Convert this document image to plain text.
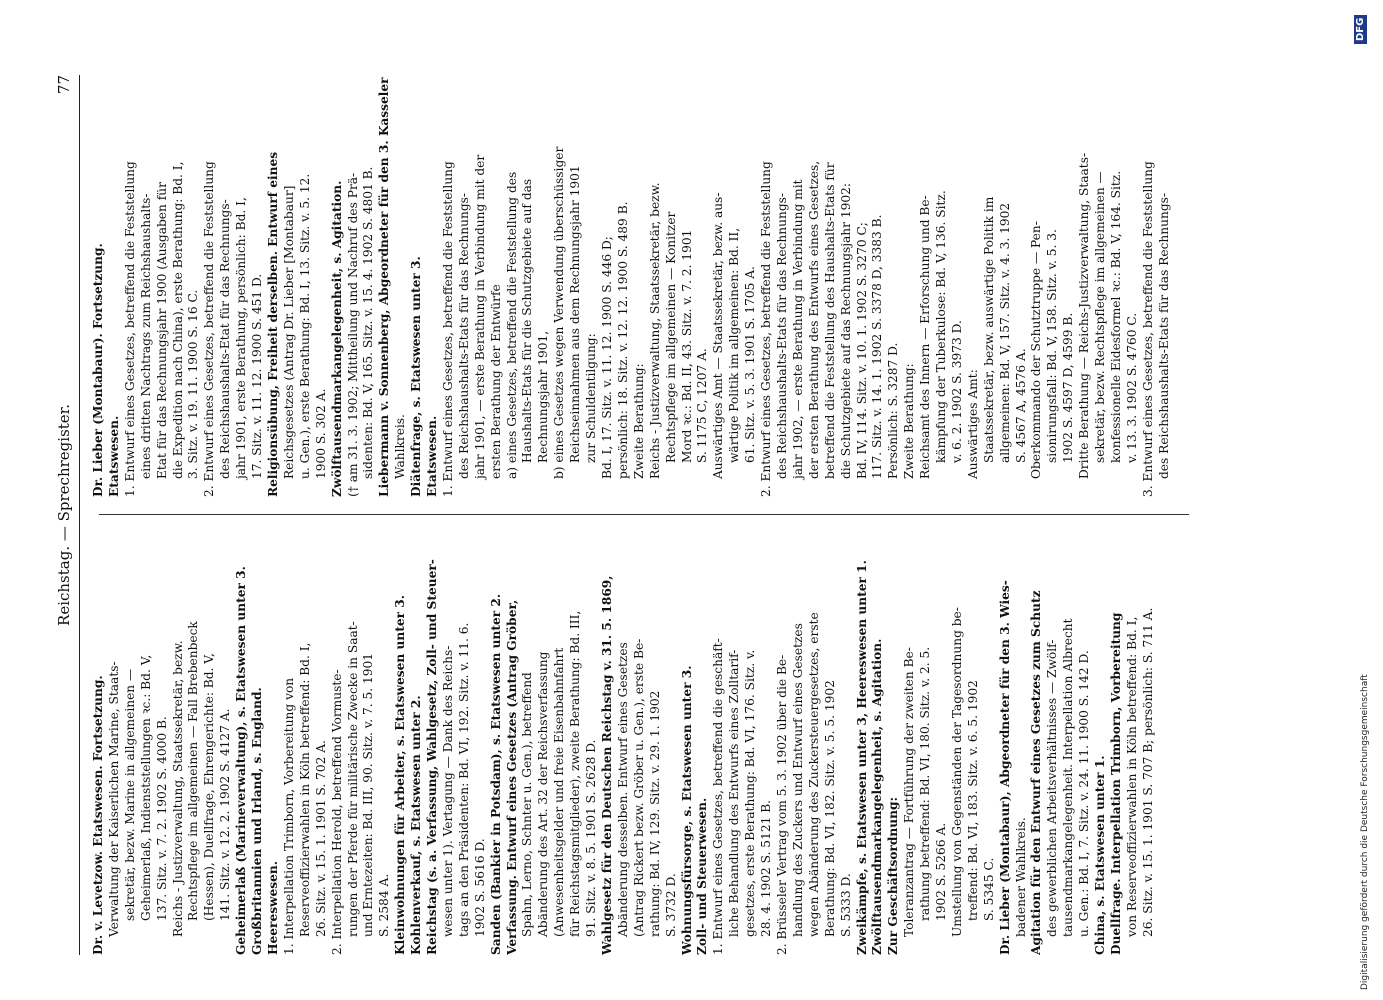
Reichstag. — Sprechregister.
77
Dr. v. Levetzow. Etatswesen. Fortsetzung. Verwaltung der Kaiserlichen Marine, Staats- sekretär, bezw. Marine in allgemeinen — Geheimerlaß, Indienststellungen ꝛc.: Bd. V, 137. Sitz. v. 7. 2. 1902 S. 4000 B. Reichs - Justizverwaltung, Staatssekretär, bezw. Rechtspflege im allgemeinen — Fall Brebenbeck (Hessen), Duellfrage, Ehrengerichte: Bd. V, 141. Sitz. v. 12. 2. 1902 S. 4127 A. Geheimerlaß (Marineverwaltung), s. Etatswesen unter 3. Großbritannien und Irland, s. England. Heereswesen. 1. Interpellation Trimborn, Vorbereitung von Reserveoffizierwahlen in Köln betreffend: Bd. I, 26. Sitz. v. 15. 1. 1901 S. 702 A. 2. Interpellation Herold, betreffend Vormuste- rungen der Pferde für militärische Zwecke in Saat- und Erntezeiten: Bd. III, 90. Sitz. v. 7. 5. 1901 S. 2584 A. Kleinwohnungen für Arbeiter, s. Etatswesen unter 3. Kohlenverkauf, s. Etatswesen unter 2. Reichstag (s. a. Verfassung, Wahlgesetz, Zoll- und Steuer- wesen unter 1). Vertagung — Dank des Reichs- tags an den Präsidenten: Bd. VI, 192. Sitz. v. 11. 6. 1902 S. 5616 D. Sanden (Bankier in Potsdam), s. Etatswesen unter 2. Verfassung. Entwurf eines Gesetzes (Antrag Gröber, Spahn, Lerno, Schnter u. Gen.), betreffend Abänderung des Art. 32 der Reichsverfassung (Anwesenheitsgelder und freie Eisenbahnfahrt für Reichstagsmitglieder), zweite Berathung: Bd. III, 91. Sitz. v. 8. 5. 1901 S. 2628 D. Wahlgesetz für den Deutschen Reichstag v. 31. 5. 1869, Abänderung desselben. Entwurf eines Gesetzes (Antrag Rickert bezw. Gröber u. Gen.), erste Be- rathung: Bd. IV, 129. Sitz. v. 29. 1. 1902 S. 3732 D. Wohnungsfürsorge, s. Etatswesen unter 3. Zoll- und Steuerwesen. 1. Entwurf eines Gesetzes, betreffend die geschäft- liche Behandlung des Entwurfs eines Zolltarif- gesetzes, erste Berathung: Bd. VI, 176. Sitz. v. 28. 4. 1902 S. 5121 B. 2. Brüsseler Vertrag vom 5. 3. 1902 über die Be- handlung des Zuckers und Entwurf eines Gesetzes wegen Abänderung des Zuckersteuergesetzes, erste Berathung: Bd. VI, 182. Sitz. v. 5. 5. 1902 S. 5333 D. Zweikämpfe, s. Etatswesen unter 3, Heereswesen unter 1. Zwölftausendmarkangelegenheit, s. Agitation. Zur Geschäftsordnung: Toleranzantrag — Fortführung der zweiten Be- rathung betreffend: Bd. VI, 180. Sitz. v. 2. 5. 1902 S. 5266 A. Umstellung von Gegenständen der Tagesordnung be- treffend: Bd. VI, 183. Sitz. v. 6. 5. 1902 S. 5345 C. Dr. Lieber (Montabaur), Abgeordneter für den 3. Wies- badener Wahlkreis. Agitation für den Entwurf eines Gesetzes zum Schutz des gewerblichen Arbeitsverhältnisses — Zwölf- tausendmarkangelegenheit. Interpellation Albrecht u. Gen.: Bd. I, 7. Sitz. v. 24. 11. 1900 S. 142 D. China, s. Etatswesen unter 1. Duellfrage. Interpellation Trimborn, Vorbereitung von Reserveoffizierwahlen in Köln betreffend: Bd. I, 26. Sitz. v. 15. 1. 1901 S. 707 B; persönlich: S. 711 A.
Dr. Lieber (Montabaur). Fortsetzung. Etatswesen. 1. Entwurf eines Gesetzes, betreffend die Feststellung eines dritten Nachtrags zum Reichshaushalts- Etat für das Rechnungsjahr 1900 (Ausgaben für die Expedition nach China), erste Berathung: Bd. I, 3. Sitz. v. 19. 11. 1900 S. 16 C. 2. Entwurf eines Gesetzes, betreffend die Feststellung des Reichshaushalts-Etat für das Rechnungs- jahr 1901, erste Berathung, persönlich: Bd. I, 17. Sitz. v. 11. 12. 1900 S. 451 D. Religionsübung, Freiheit derselben. Entwurf eines Reichsgesetzes (Antrag Dr. Lieber [Montabaur] u. Gen.), erste Berathung: Bd. I, 13. Sitz. v. 5. 12. 1900 S. 302 A. Zwölftausendmarkangelegenheit, s. Agitation. († am 31. 3. 1902; Mittheilung und Nachruf des Prä- sidenten: Bd. V, 165. Sitz. v. 15. 4. 1902 S. 4801 B. Liebermann v. Sonnenberg, Abgeordneter für den 3. Kasseler Wahlkreis. Diätenfrage, s. Etatswesen unter 3. Etatswesen. 1. Entwurf eines Gesetzes, betreffend die Feststellung des Reichshaushalts-Etats für das Rechnungs- jahr 1901, — erste Berathung in Verbindung mit der ersten Berathung der Entwürfe a) eines Gesetzes, betreffend die Feststellung des Haushalts-Etats für die Schutzgebiete auf das Rechnungsjahr 1901, b) eines Gesetzes wegen Verwendung überschüssiger Reichseinnahmen aus dem Rechnungsjahr 1901 zur Schuldentilgung: Bd. I, 17. Sitz. v. 11. 12. 1900 S. 446 D; persönlich: 18. Sitz. v. 12. 12. 1900 S. 489 B. Zweite Berathung: Reichs - Justizverwaltung, Staatssekretär, bezw. Rechtspflege im allgemeinen — Konitzer Mord ꝛc.: Bd. II, 43. Sitz. v. 7. 2. 1901 S. 1175 C, 1207 A. Auswärtiges Amt — Staatssekretär, bezw. aus- wärtige Politik im allgemeinen: Bd. II, 61. Sitz. v. 5. 3. 1901 S. 1705 A. 2. Entwurf eines Gesetzes, betreffend die Feststellung des Reichshaushalts-Etats für das Rechnungs- jahr 1902, — erste Berathung in Verbindung mit der ersten Berathung des Entwurfs eines Gesetzes, betreffend die Feststellung des Haushalts-Etats für die Schutzgebiete auf das Rechnungsjahr 1902: Bd. IV, 114. Sitz. v. 10. 1. 1902 S. 3270 C; 117. Sitz. v. 14. 1. 1902 S. 3378 D, 3383 B. Persönlich: S. 3287 D. Zweite Berathung: Reichsamt des Innern — Erforschung und Be- kämpfung der Tuberkulose: Bd. V, 136. Sitz. v. 6. 2. 1902 S. 3973 D. Auswärtiges Amt: Staatssekretär, bezw. auswärtige Politik im allgemeinen: Bd. V, 157. Sitz. v. 4. 3. 1902 S. 4567 A, 4576 A. Oberkommando der Schutztruppe — Pen- sionirungsfall: Bd. V, 158. Sitz. v. 5. 3. 1902 S. 4597 D, 4599 B. Dritte Berathung — Reichs-Justizverwaltung, Staats- sekretär, bezw. Rechtspflege im allgemeinen — konfessionelle Eidesformel ꝛc.: Bd. V, 164. Sitz. v. 13. 3. 1902 S. 4760 C. 3. Entwurf eines Gesetzes, betreffend die Feststellung des Reichshaushalts-Etats für das Rechnungs-
Digitalisierung gefördert durch die Deutsche Forschungsgemeinschaft
DFG
